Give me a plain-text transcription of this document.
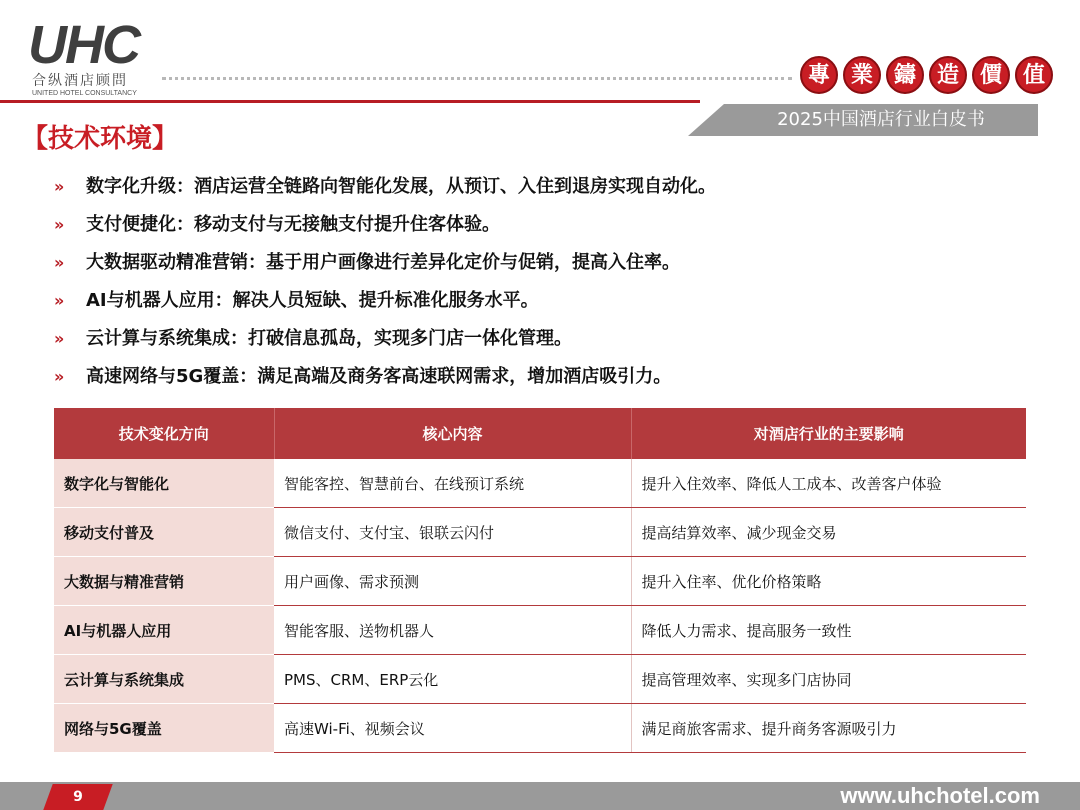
UHC
合纵酒店顾問
UNITED HOTEL CONSULTANCY
專 業 鑄 造 價 值
2025中国酒店行业白皮书
【技术环境】
»	数字化升级：酒店运营全链路向智能化发展，从预订、入住到退房实现自动化。
»	支付便捷化：移动支付与无接触支付提升住客体验。
»	大数据驱动精准营销：基于用户画像进行差异化定价与促销，提高入住率。
»	AI与机器人应用：解决人员短缺、提升标准化服务水平。
»	云计算与系统集成：打破信息孤岛，实现多门店一体化管理。
»	高速网络与5G覆盖：满足高端及商务客高速联网需求，增加酒店吸引力。
技术变化方向	核心内容	对酒店行业的主要影响
数字化与智能化	智能客控、智慧前台、在线预订系统	提升入住效率、降低人工成本、改善客户体验
移动支付普及	微信支付、支付宝、银联云闪付	提高结算效率、减少现金交易
大数据与精准营销	用户画像、需求预测	提升入住率、优化价格策略
AI与机器人应用	智能客服、送物机器人	降低人力需求、提高服务一致性
云计算与系统集成	PMS、CRM、ERP云化	提高管理效率、实现多门店协同
网络与5G覆盖	高速Wi-Fi、视频会议	满足商旅客需求、提升商务客源吸引力
9	www.uhchotel.com
